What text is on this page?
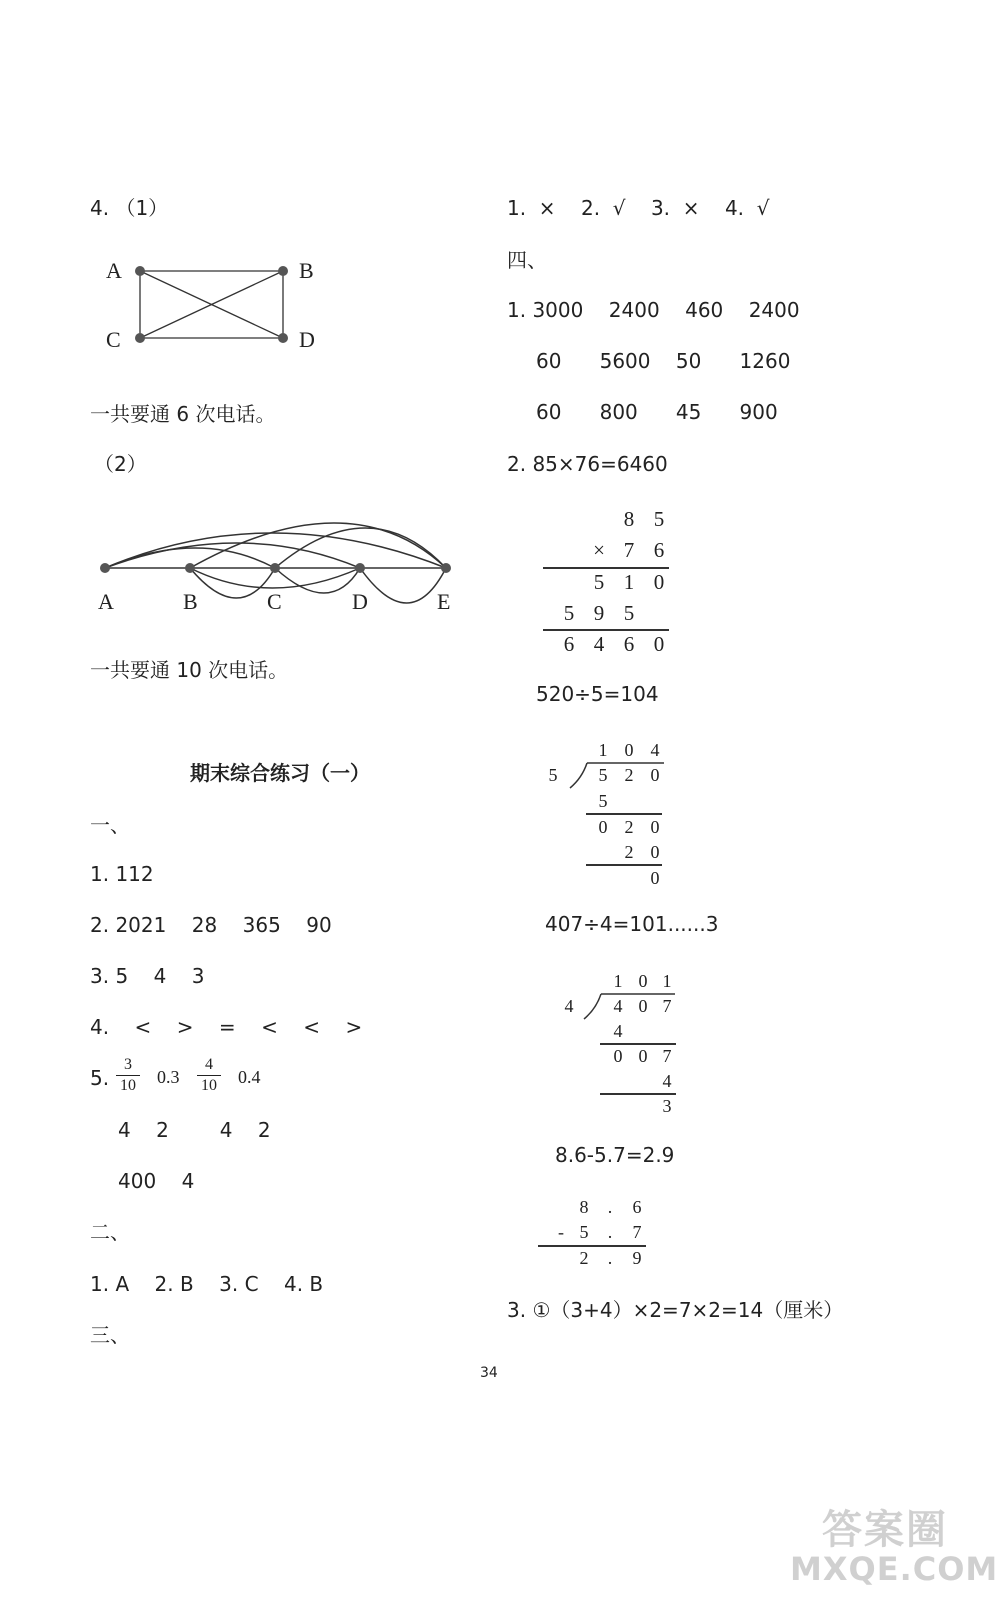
4. （1）
A	B
C	D
一共要通 6 次电话。
（2）
A	B	C	D	E
一共要通 10 次电话。
期末综合练习（一）
一、
1. 112
2. 2021    28    365    90
3. 5    4    3
4.    <    >    =    <    <    >
5.
3
10 0.3
4
10 0.4
4    2        4    2
400    4
二、
1. A    2. B    3. C    4. B
三、
1.  ×    2.  √    3.  ×    4.  √
四、
1. 3000    2400    460    2400
60      5600    50      1260
60      800      45      900
2. 85×76=6460
8 5
× 7 6
5 1 0
5 9 5
6 4 6 0
520÷5=104
1 0 4
5	5 2 0
5
0 2 0
2 0
0
407÷4=101......3
1 0 1
4	4 0 7
4
0 0 7
4
3
8.6-5.7=2.9
8	.	6
- 5	.	7
2	.	9
3. ①（3+4）×2=7×2=14（厘米）
34
答案圈
MXQE.COM
